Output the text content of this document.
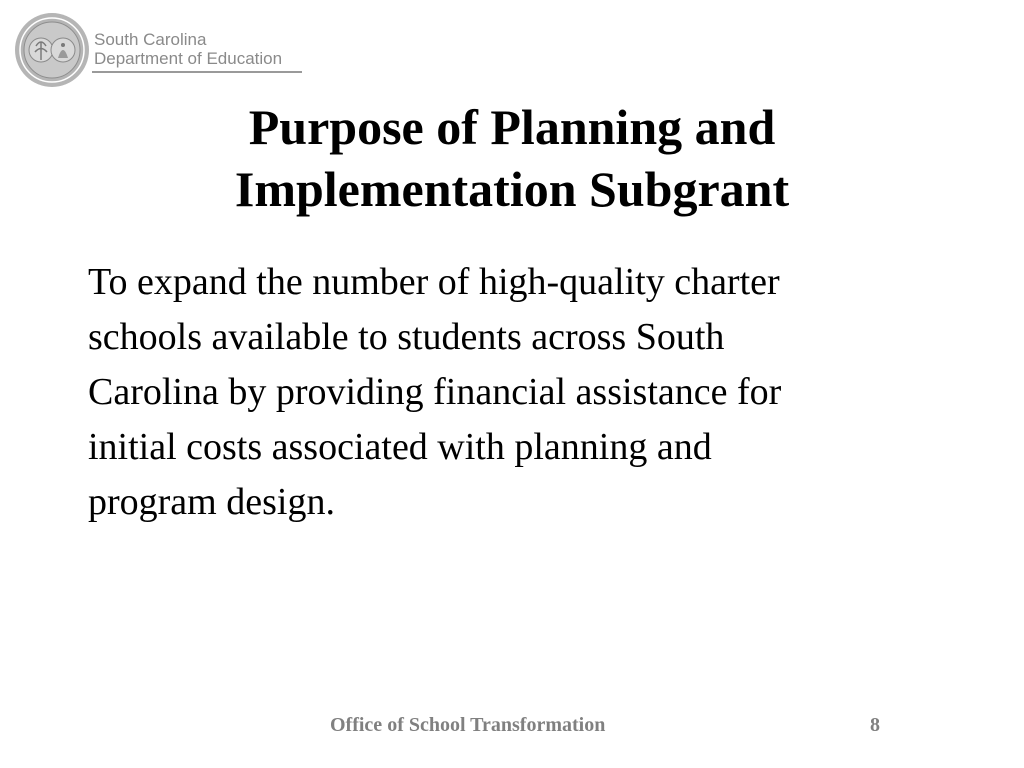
South Carolina
Department of Education
Purpose of Planning and
Implementation Subgrant
To expand the number of high-quality charter
schools available to students across South
Carolina by providing financial assistance for
initial costs associated with planning and
program design.
Office of School Transformation	8
